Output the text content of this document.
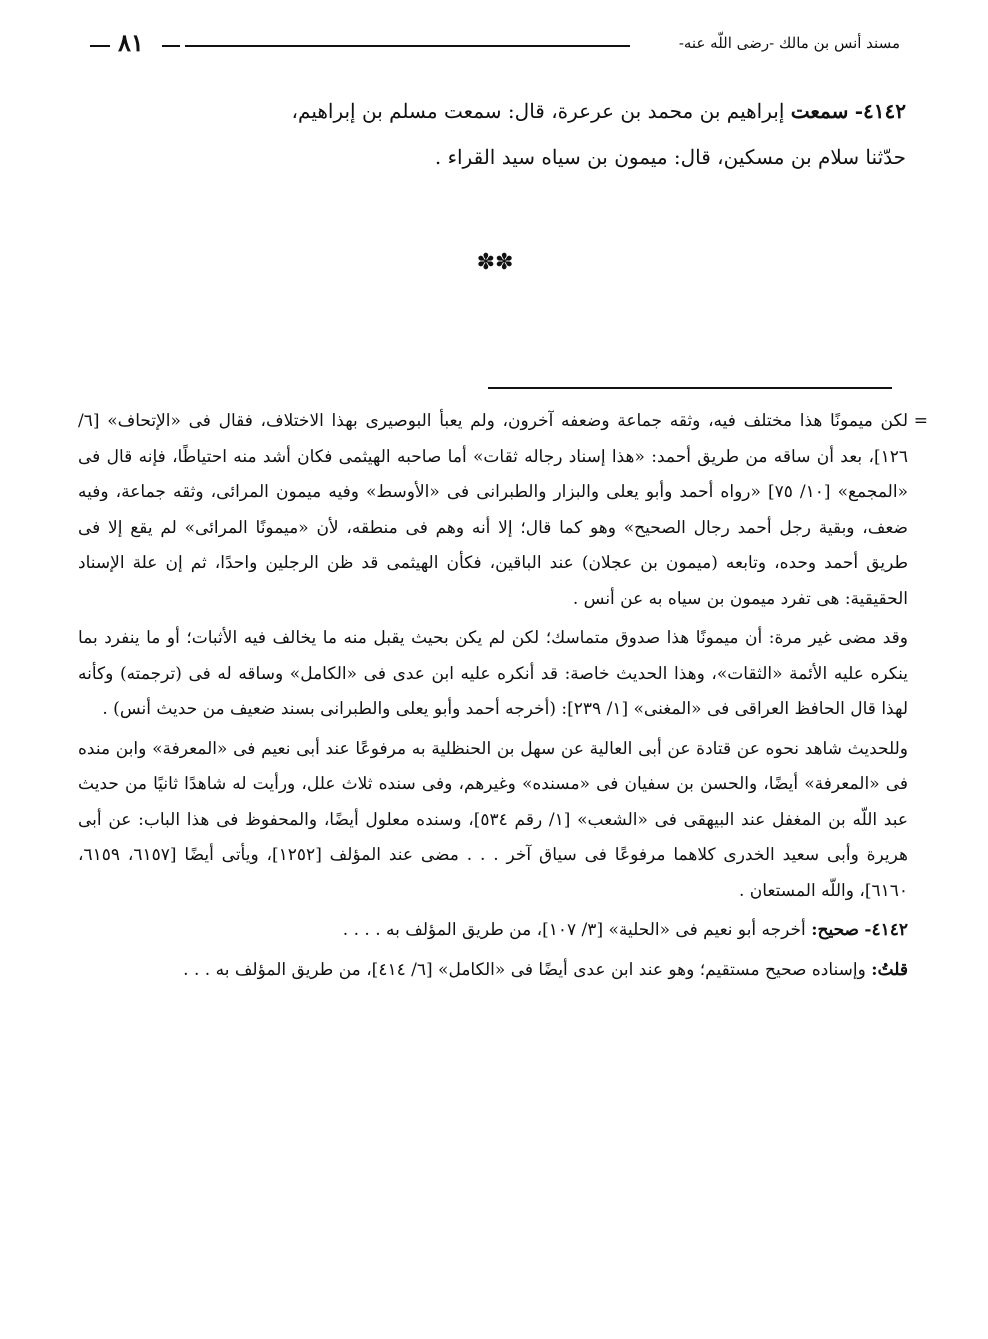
مسند أنس بن مالك -رضى اللّه عنه-
٨١
٤١٤٢- سمعت إبراهيم بن محمد بن عرعرة، قال: سمعت مسلم بن إبراهيم،
حدّثنا سلام بن مسكين، قال: ميمون بن سياه سيد القراء .
✽✽

=
لكن ميمونًا هذا مختلف فيه، وثقه جماعة وضعفه آخرون، ولم يعبأ البوصيرى بهذا الاختلاف، فقال فى «الإتحاف» [٦/ ١٢٦]، بعد أن ساقه من طريق أحمد: «هذا إسناد رجاله ثقات» أما صاحبه الهيثمى فكان أشد منه احتياطًا، فإنه قال فى «المجمع» [١٠/ ٧٥] «رواه أحمد وأبو يعلى والبزار والطبرانى فى «الأوسط» وفيه ميمون المرائى، وثقه جماعة، وفيه ضعف، وبقية رجل أحمد رجال الصحيح» وهو كما قال؛ إلا أنه وهم فى منطقه، لأن «ميمونًا المرائى» لم يقع إلا فى طريق أحمد وحده، وتابعه (ميمون بن عجلان) عند الباقين، فكأن الهيثمى قد ظن الرجلين واحدًا، ثم إن علة الإسناد الحقيقية: هى تفرد ميمون بن سياه به عن أنس .

وقد مضى غير مرة: أن ميمونًا هذا صدوق متماسك؛ لكن لم يكن بحيث يقبل منه ما يخالف فيه الأثبات؛ أو ما ينفرد بما ينكره عليه الأئمة «الثقات»، وهذا الحديث خاصة: قد أنكره عليه ابن عدى فى «الكامل» وساقه له فى (ترجمته) وكأنه لهذا قال الحافظ العراقى فى «المغنى» [١/ ٢٣٩]: (أخرجه أحمد وأبو يعلى والطبرانى بسند ضعيف من حديث أنس) .

وللحديث شاهد نحوه عن قتادة عن أبى العالية عن سهل بن الحنظلية به مرفوعًا عند أبى نعيم فى «المعرفة» وابن منده فى «المعرفة» أيضًا، والحسن بن سفيان فى «مسنده» وغيرهم، وفى سنده ثلاث علل، ورأيت له شاهدًا ثانيًا من حديث عبد اللّه بن المغفل عند البيهقى فى «الشعب» [١/ رقم ٥٣٤]، وسنده معلول أيضًا، والمحفوظ فى هذا الباب: عن أبى هريرة وأبى سعيد الخدرى كلاهما مرفوعًا فى سياق آخر . . . مضى عند المؤلف [١٢٥٢]، ويأتى أيضًا [٦١٥٧، ٦١٥٩، ٦١٦٠]، واللّه المستعان .

٤١٤٢- صحيح: أخرجه أبو نعيم فى «الحلية» [٣/ ١٠٧]، من طريق المؤلف به . . . .

قلتُ: وإسناده صحيح مستقيم؛ وهو عند ابن عدى أيضًا فى «الكامل» [٦/ ٤١٤]، من طريق المؤلف به . . .
